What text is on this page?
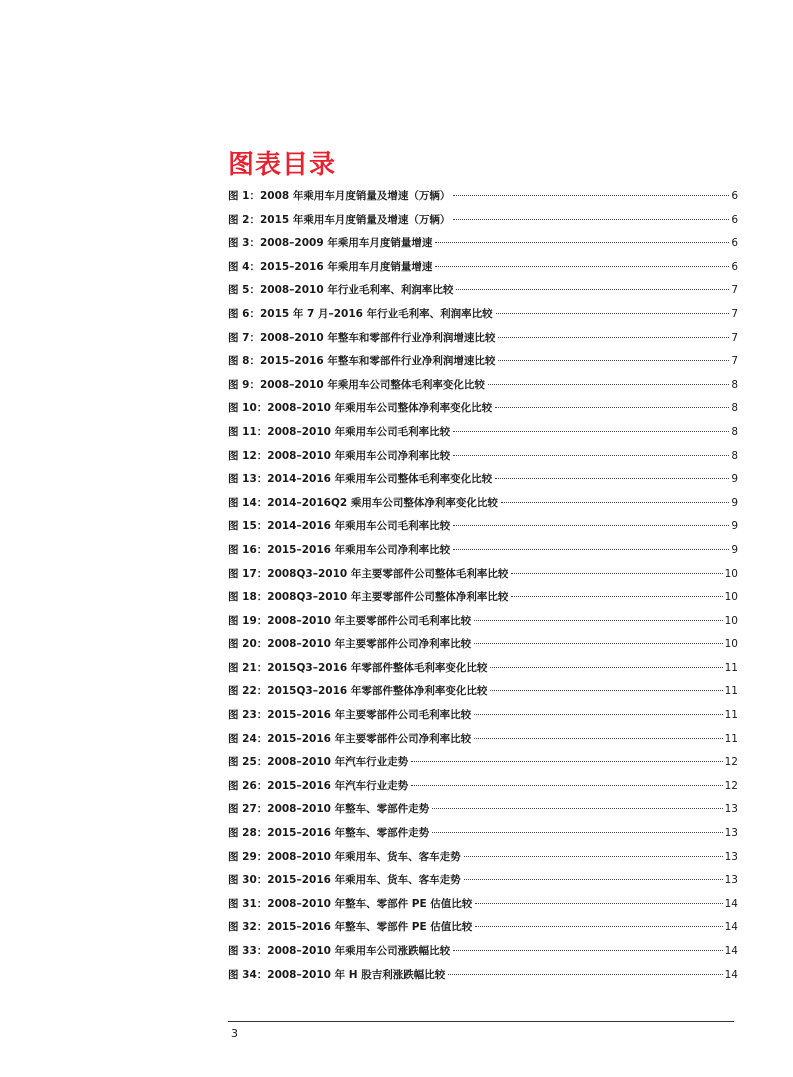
图表目录
图 1：2008 年乘用车月度销量及增速（万辆）	6
图 2：2015 年乘用车月度销量及增速（万辆）	6
图 3：2008–2009 年乘用车月度销量增速	6
图 4：2015–2016 年乘用车月度销量增速	6
图 5：2008–2010 年行业毛利率、利润率比较	7
图 6：2015 年 7 月–2016 年行业毛利率、利润率比较	7
图 7：2008–2010 年整车和零部件行业净利润增速比较	7
图 8：2015–2016 年整车和零部件行业净利润增速比较	7
图 9：2008–2010 年乘用车公司整体毛利率变化比较	8
图 10：2008–2010 年乘用车公司整体净利率变化比较	8
图 11：2008–2010 年乘用车公司毛利率比较	8
图 12：2008–2010 年乘用车公司净利率比较	8
图 13：2014–2016 年乘用车公司整体毛利率变化比较	9
图 14：2014–2016Q2 乘用车公司整体净利率变化比较	9
图 15：2014–2016 年乘用车公司毛利率比较	9
图 16：2015–2016 年乘用车公司净利率比较	9
图 17：2008Q3–2010 年主要零部件公司整体毛利率比较	10
图 18：2008Q3–2010 年主要零部件公司整体净利率比较	10
图 19：2008–2010 年主要零部件公司毛利率比较	10
图 20：2008–2010 年主要零部件公司净利率比较	10
图 21：2015Q3–2016 年零部件整体毛利率变化比较	11
图 22：2015Q3–2016 年零部件整体净利率变化比较	11
图 23：2015–2016 年主要零部件公司毛利率比较	11
图 24：2015–2016 年主要零部件公司净利率比较	11
图 25：2008–2010 年汽车行业走势	12
图 26：2015–2016 年汽车行业走势	12
图 27：2008–2010 年整车、零部件走势	13
图 28：2015–2016 年整车、零部件走势	13
图 29：2008–2010 年乘用车、货车、客车走势	13
图 30：2015–2016 年乘用车、货车、客车走势	13
图 31：2008–2010 年整车、零部件 PE 估值比较	14
图 32：2015–2016 年整车、零部件 PE 估值比较	14
图 33：2008–2010 年乘用车公司涨跌幅比较	14
图 34：2008–2010 年 H 股吉利涨跌幅比较	14
3
